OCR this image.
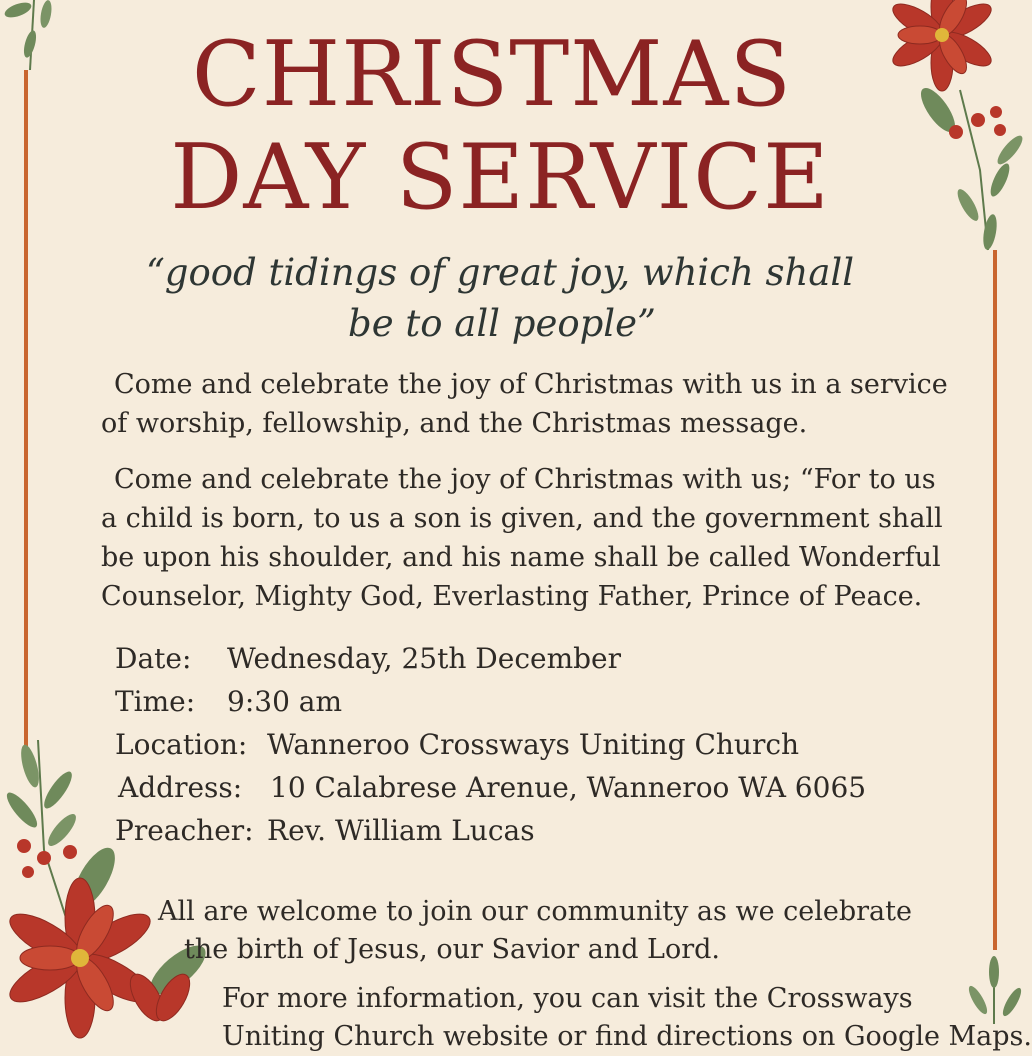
CHRISTMAS
DAY SERVICE

“good tidings of great joy, which shall

be to all people”

Come and celebrate the joy of Christmas with us in a service

of worship, fellowship, and the Christmas message.

Come and celebrate the joy of Christmas with us; “For to us

a child is born, to us a son is given, and the government shall

be upon his shoulder, and his name shall be called Wonderful

Counselor, Mighty God, Everlasting Father, Prince of Peace.

Date: Wednesday, 25th December
Time: 9:30 am
Location: Wanneroo Crossways Uniting Church
Address: 10 Calabrese Arenue, Wanneroo WA 6065
Preacher: Rev. William Lucas

All are welcome to join our community as we celebrate

the birth of Jesus, our Savior and Lord.

For more information, you can visit the Crossways

Uniting Church website or find directions on Google Maps.
